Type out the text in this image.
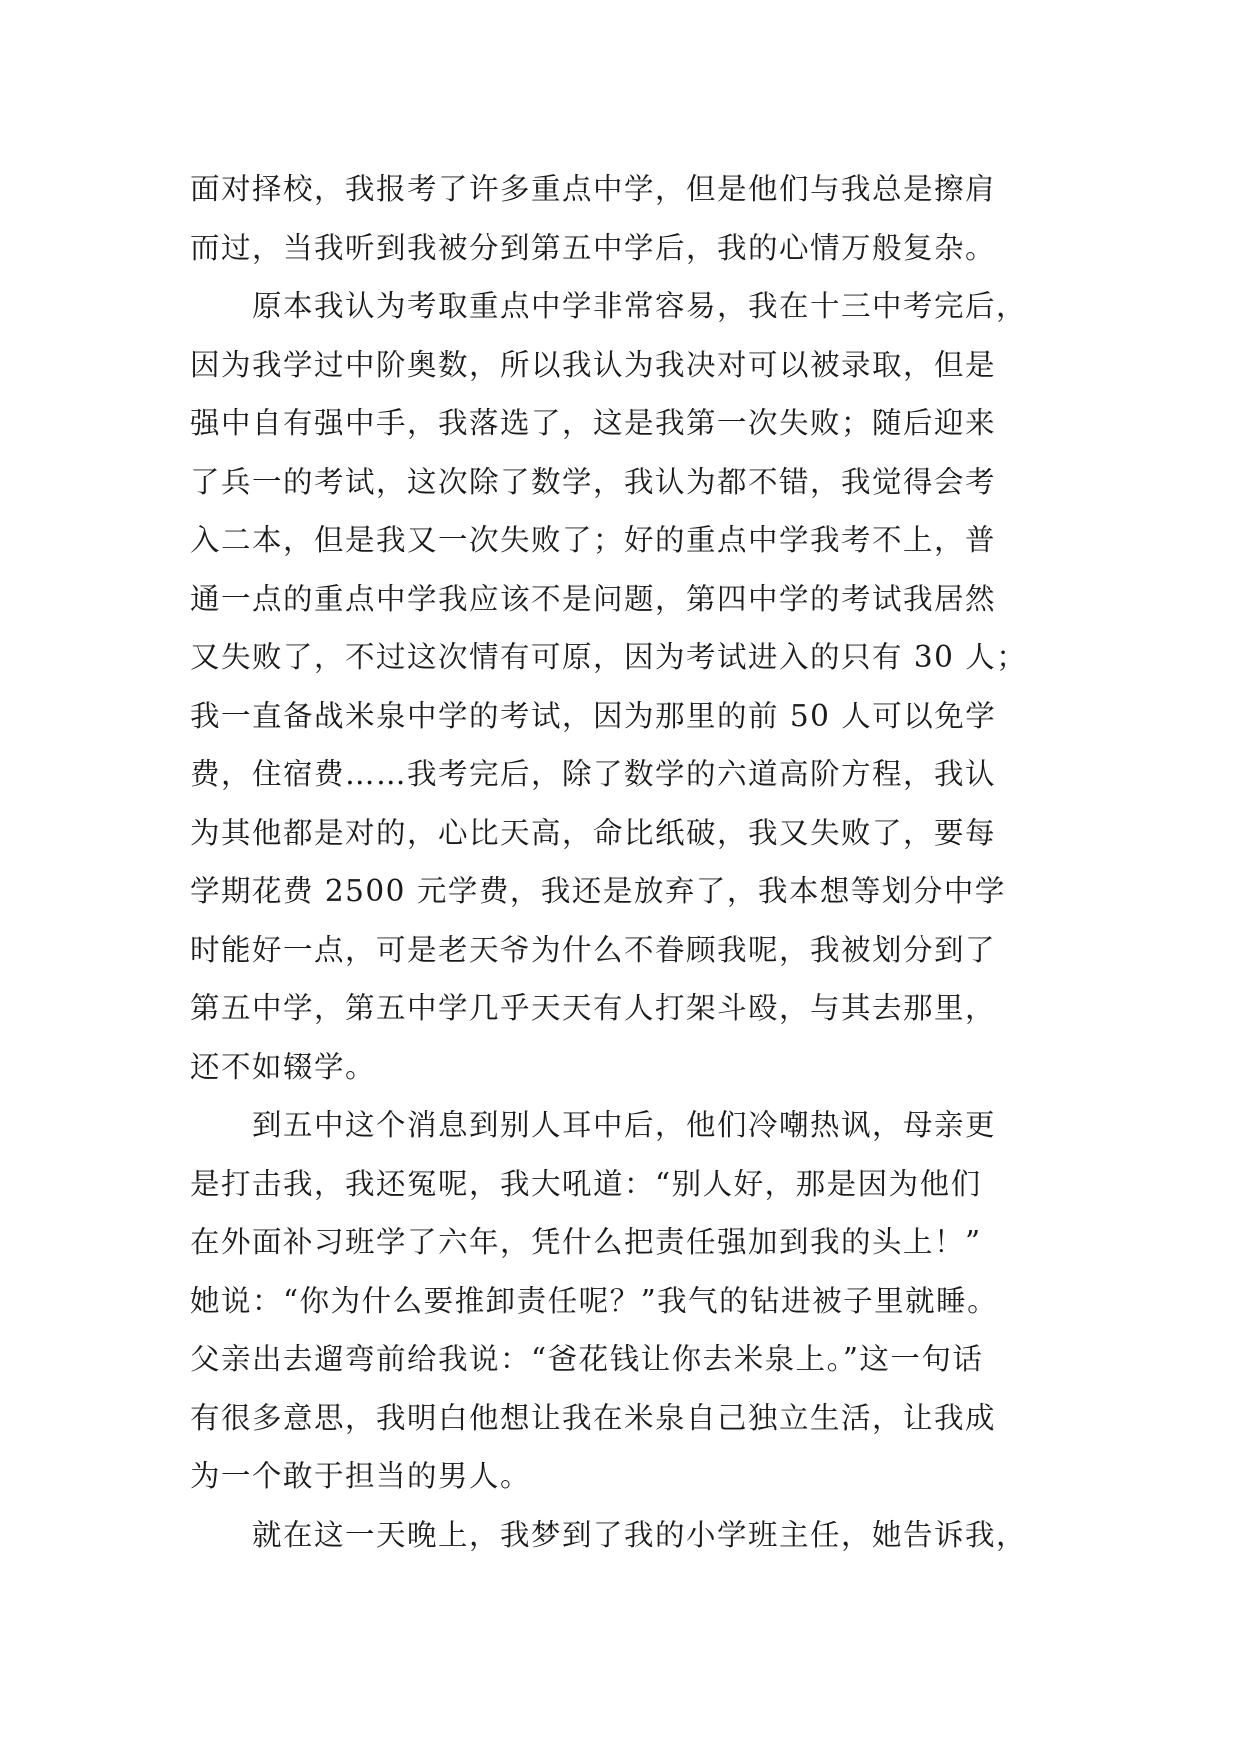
面对择校，我报考了许多重点中学，但是他们与我总是擦肩
而过，当我听到我被分到第五中学后，我的心情万般复杂。
原本我认为考取重点中学非常容易，我在十三中考完后，
因为我学过中阶奥数，所以我认为我决对可以被录取，但是
强中自有强中手，我落选了，这是我第一次失败；随后迎来
了兵一的考试，这次除了数学，我认为都不错，我觉得会考
入二本，但是我又一次失败了；好的重点中学我考不上，普
通一点的重点中学我应该不是问题，第四中学的考试我居然
又失败了，不过这次情有可原，因为考试进入的只有 30 人；
我一直备战米泉中学的考试，因为那里的前 50 人可以免学
费，住宿费……我考完后，除了数学的六道高阶方程，我认
为其他都是对的，心比天高，命比纸破，我又失败了，要每
学期花费 2500 元学费，我还是放弃了，我本想等划分中学
时能好一点，可是老天爷为什么不眷顾我呢，我被划分到了
第五中学，第五中学几乎天天有人打架斗殴，与其去那里，
还不如辍学。
到五中这个消息到别人耳中后，他们冷嘲热讽，母亲更
是打击我，我还冤呢，我大吼道：“别人好，那是因为他们
在外面补习班学了六年，凭什么把责任强加到我的头上！”
她说：“你为什么要推卸责任呢？”我气的钻进被子里就睡。
父亲出去遛弯前给我说：“爸花钱让你去米泉上。”这一句话
有很多意思，我明白他想让我在米泉自己独立生活，让我成
为一个敢于担当的男人。
就在这一天晚上，我梦到了我的小学班主任，她告诉我，
